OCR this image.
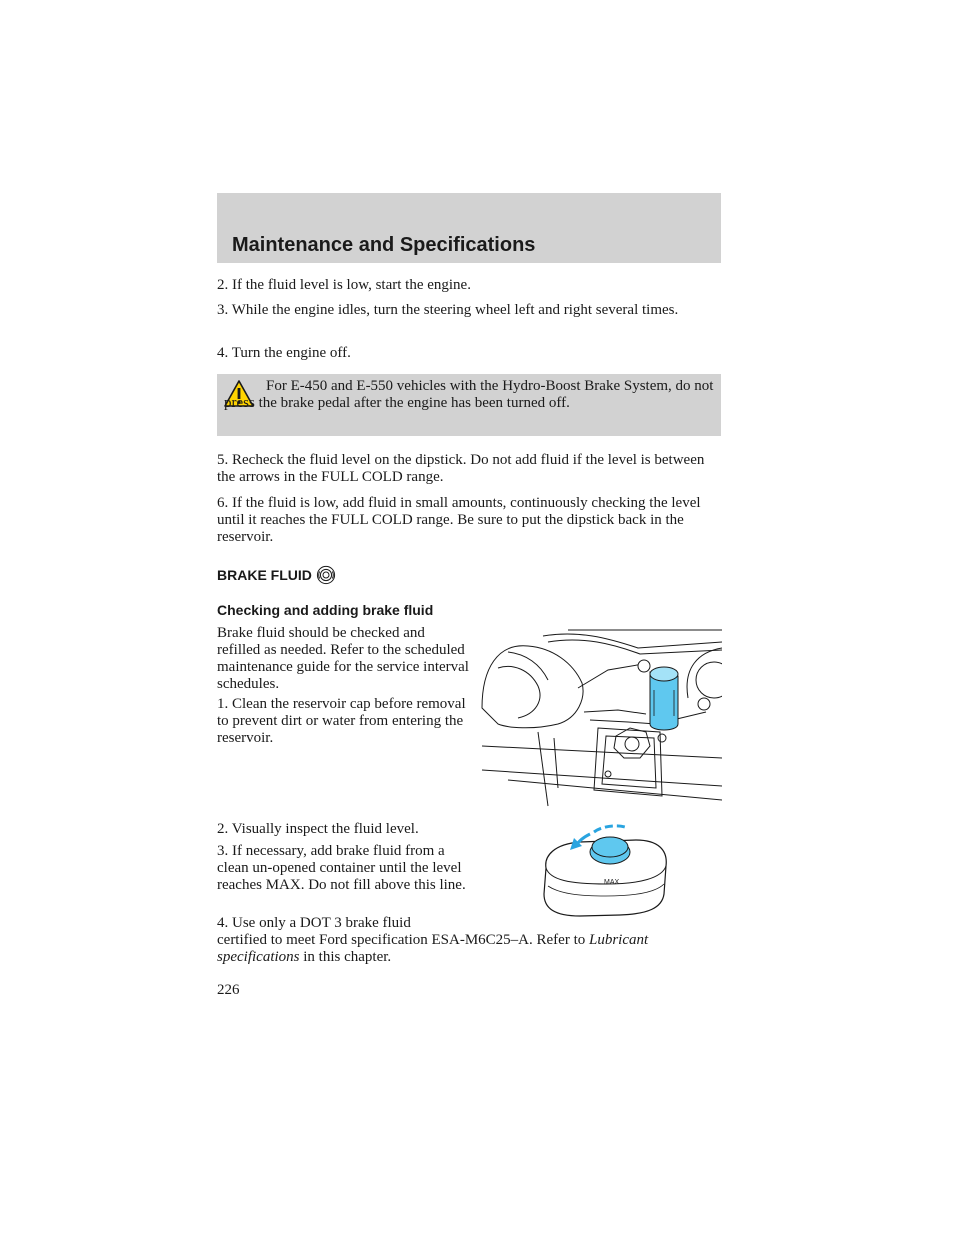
Maintenance and Specifications

2. If the fluid level is low, start the engine.

3. While the engine idles, turn the steering wheel left and right several times.

4. Turn the engine off.

For E-450 and E-550 vehicles with the Hydro-Boost Brake System, do not press the brake pedal after the engine has been turned off.

5. Recheck the fluid level on the dipstick. Do not add fluid if the level is between the arrows in the FULL COLD range.

6. If the fluid is low, add fluid in small amounts, continuously checking the level until it reaches the FULL COLD range. Be sure to put the dipstick back in the reservoir.

BRAKE FLUID
Checking and adding brake fluid

Brake fluid should be checked and refilled as needed. Refer to the scheduled maintenance guide for the service interval schedules.

1. Clean the reservoir cap before removal to prevent dirt or water from entering the reservoir.

2. Visually inspect the fluid level.

3. If necessary, add brake fluid from a clean un-opened container until the level reaches MAX. Do not fill above this line.	MAX

4. Use only a DOT 3 brake fluid
certified to meet Ford specification ESA-M6C25–A. Refer to Lubricant specifications in this chapter.

226
